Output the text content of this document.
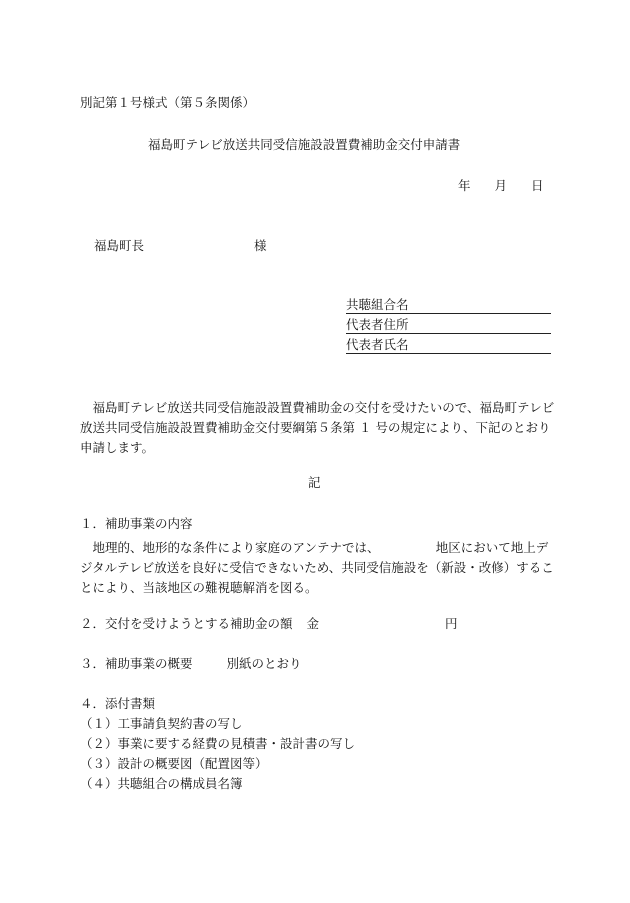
別記第１号様式（第５条関係）
福島町テレビ放送共同受信施設設置費補助金交付申請書
年 月 日
福島町長	様
共聴組合名
代表者住所
代表者氏名
　福島町テレビ放送共同受信施設設置費補助金の交付を受けたいので、福島町テレビ放送共同受信施設設置費補助金交付要綱第５条第 １ 号の規定により、下記のとおり申請します。
記
１．補助事業の内容
　地理的、地形的な条件により家庭のアンテナでは、　　　　　地区において地上デジタルテレビ放送を良好に受信できないため、共同受信施設を（新設・改修）することにより、当該地区の難視聴解消を図る。
２．交付を受けようとする補助金の額 金	円
３．補助事業の概要	別紙のとおり
４．添付書類
（１）工事請負契約書の写し
（２）事業に要する経費の見積書・設計書の写し
（３）設計の概要図（配置図等）
（４）共聴組合の構成員名簿
